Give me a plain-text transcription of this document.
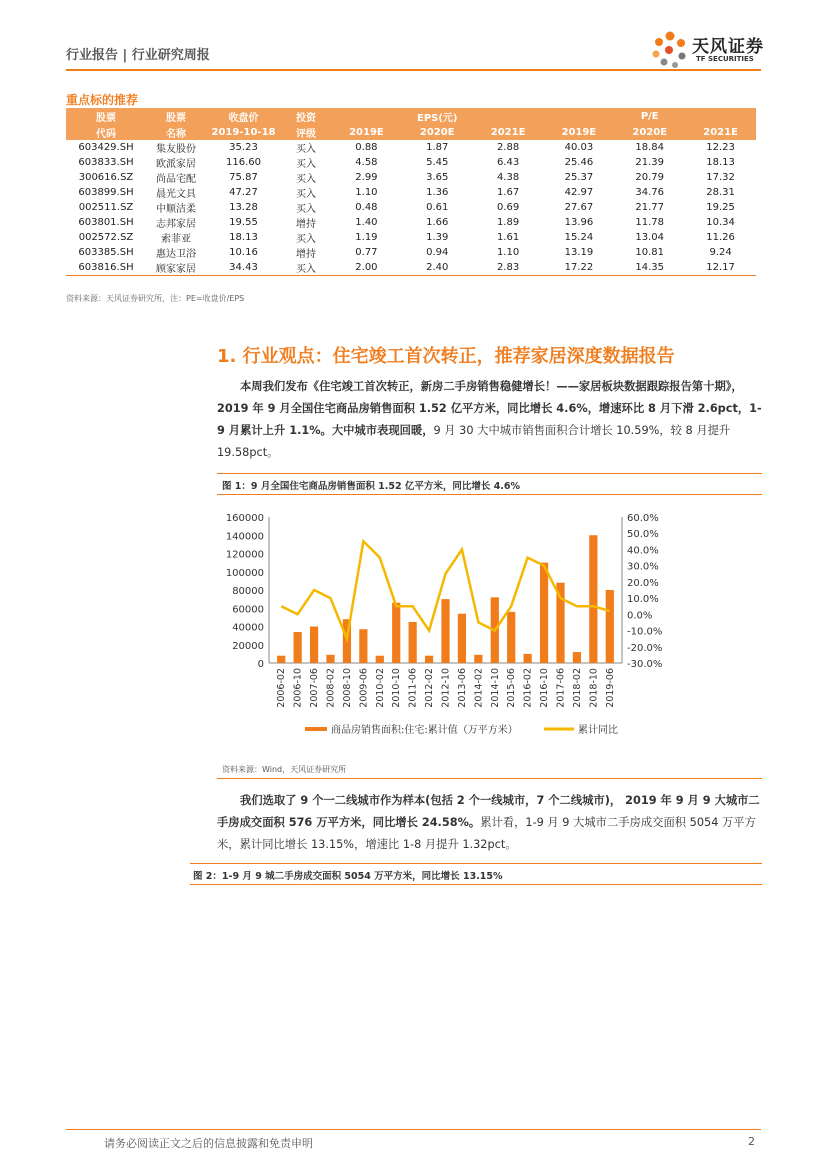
行业报告 | 行业研究周报	天风证券
TF SECURITIES
重点标的推荐
股票	股票	收盘价	投资	EPS(元)			P/E		
代码	名称	2019-10-18	评级	2019E	2020E	2021E	2019E	2020E	2021E
603429.SH	集友股份	35.23	买入	0.88	1.87	2.88	40.03	18.84	12.23
603833.SH	欧派家居	116.60	买入	4.58	5.45	6.43	25.46	21.39	18.13
300616.SZ	尚品宅配	75.87	买入	2.99	3.65	4.38	25.37	20.79	17.32
603899.SH	晨光文具	47.27	买入	1.10	1.36	1.67	42.97	34.76	28.31
002511.SZ	中顺洁柔	13.28	买入	0.48	0.61	0.69	27.67	21.77	19.25
603801.SH	志邦家居	19.55	增持	1.40	1.66	1.89	13.96	11.78	10.34
002572.SZ	索菲亚	18.13	买入	1.19	1.39	1.61	15.24	13.04	11.26
603385.SH	惠达卫浴	10.16	增持	0.77	0.94	1.10	13.19	10.81	9.24
603816.SH	顾家家居	34.43	买入	2.00	2.40	2.83	17.22	14.35	12.17
资料来源：天风证券研究所，注：PE=收盘价/EPS
1. 行业观点：住宅竣工首次转正，推荐家居深度数据报告
本周我们发布《住宅竣工首次转正，新房二手房销售稳健增长！——家居板块数据跟踪报告第十期》，2019 年 9 月全国住宅商品房销售面积 1.52 亿平方米，同比增长 4.6%，增速环比 8 月下滑 2.6pct，1-9 月累计上升 1.1%。大中城市表现回暖，9 月 30 大中城市销售面积合计增长 10.59%，较 8 月提升 19.58pct。
图 1：9 月全国住宅商品房销售面积 1.52 亿平方米，同比增长 4.6%
0
20000
40000
60000
80000
100000
120000
140000
160000
-30.0%
-20.0%
-10.0%
0.0%
10.0%
20.0%
30.0%
40.0%
50.0%
60.0%
2006-02 2006-10 2007-06 2008-02 2008-10 2009-06 2010-02 2010-10 2011-06 2012-02 2012-10 2013-06 2014-02 2014-10 2015-06 2016-02 2016-10 2017-06 2018-02 2018-10 2019-06
商品房销售面积:住宅:累计值（万平方米）	累计同比
资料来源：Wind，天风证券研究所
我们选取了 9 个一二线城市作为样本(包括 2 个一线城市，7 个二线城市)， 2019 年 9 月 9 大城市二手房成交面积 576 万平方米，同比增长 24.58%。累计看，1-9 月 9 大城市二手房成交面积 5054 万平方米，累计同比增长 13.15%，增速比 1-8 月提升 1.32pct。
图 2：1-9 月 9 城二手房成交面积 5054 万平方米，同比增长 13.15%
请务必阅读正文之后的信息披露和免责申明	2
